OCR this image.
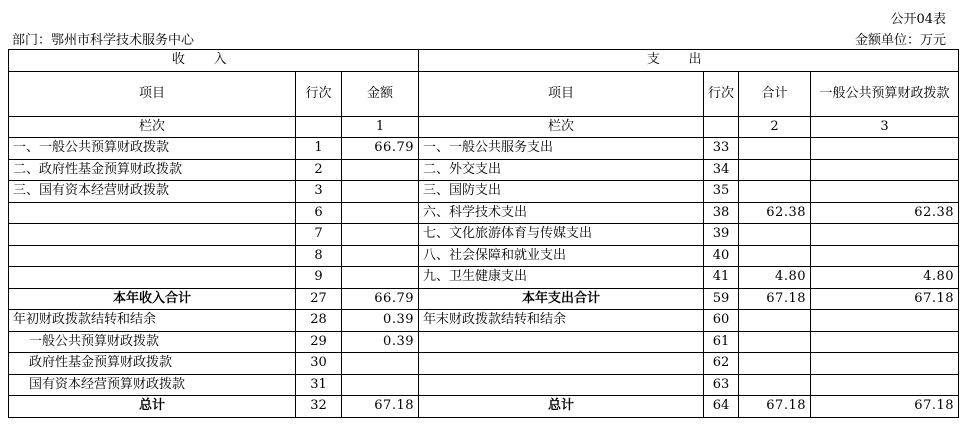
公开04表
部门：鄂州市科学技术服务中心	金额单位：万元
收入			支出			
项目	行次	金额	项目	行次	合计	一般公共预算财政拨款
栏次		1	栏次		2	3
一、一般公共预算财政拨款	1	66.79	一、一般公共服务支出	33		
二、政府性基金预算财政拨款	2		二、外交支出	34		
三、国有资本经营财政拨款	3		三、国防支出	35		
	6		六、科学技术支出	38	62.38	62.38
	7		七、文化旅游体育与传媒支出	39		
	8		八、社会保障和就业支出	40		
	9		九、卫生健康支出	41	4.80	4.80
本年收入合计	27	66.79	本年支出合计	59	67.18	67.18
年初财政拨款结转和结余	28	0.39	年末财政拨款结转和结余	60		
一般公共预算财政拨款	29	0.39		61		
政府性基金预算财政拨款	30			62		
国有资本经营预算财政拨款	31			63		
总计	32	67.18	总计	64	67.18	67.18
